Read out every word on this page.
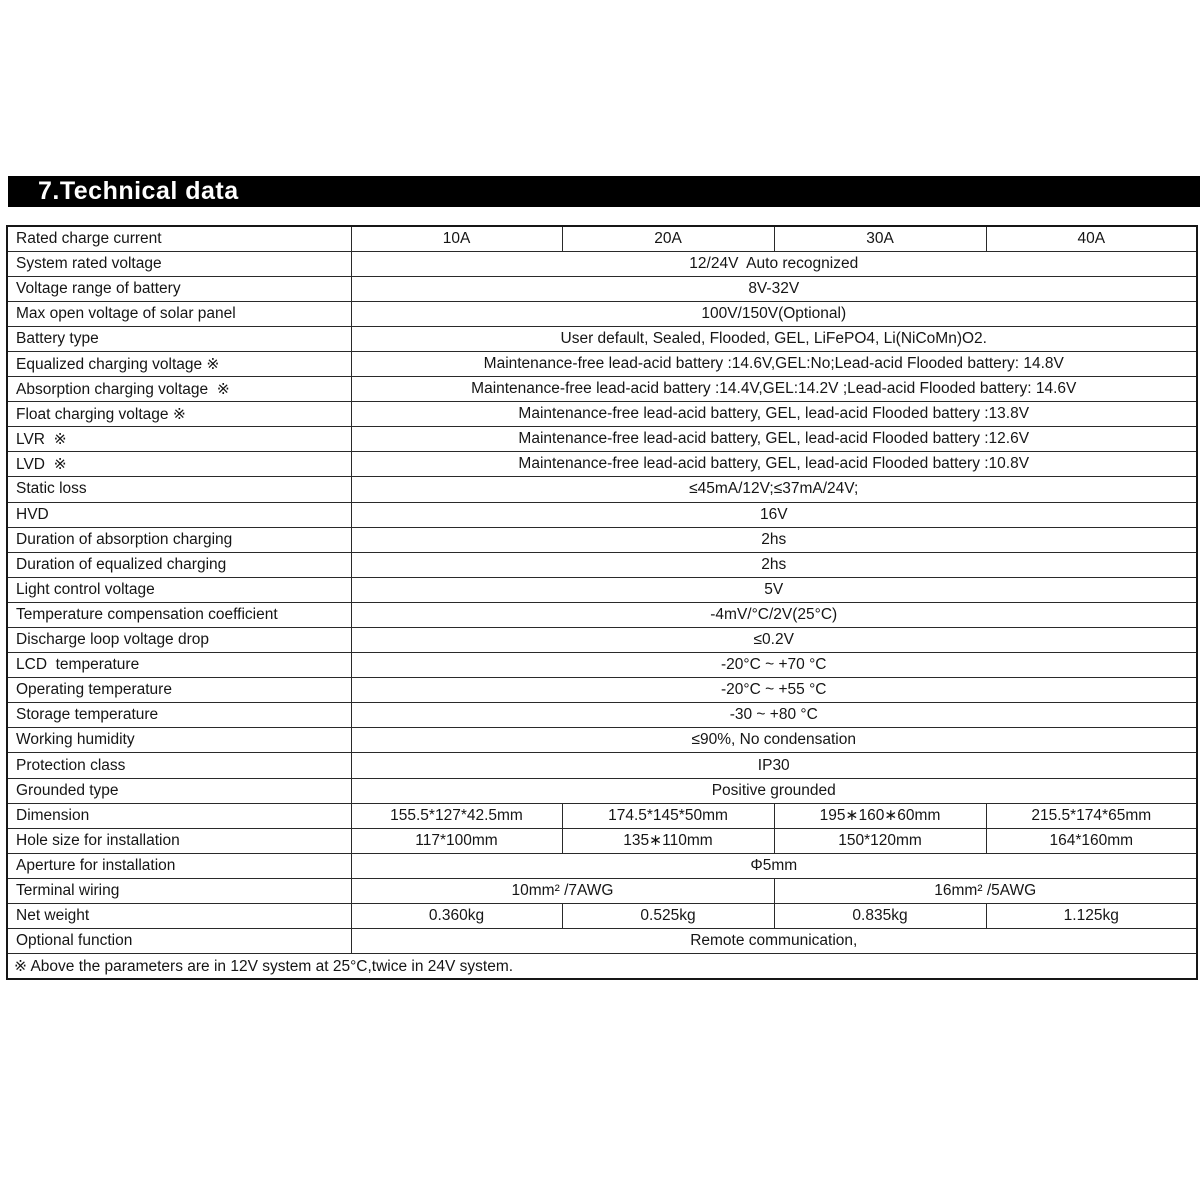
7.Technical data
Rated charge current	10A	20A	30A	40A
System rated voltage	12/24V  Auto recognized			
Voltage range of battery	8V-32V			
Max open voltage of solar panel	100V/150V(Optional)			
Battery type	User default, Sealed, Flooded, GEL, LiFePO4, Li(NiCoMn)O2.			
Equalized charging voltage ※	Maintenance-free lead-acid battery :14.6V,GEL:No;Lead-acid Flooded battery: 14.8V			
Absorption charging voltage  ※	Maintenance-free lead-acid battery :14.4V,GEL:14.2V ;Lead-acid Flooded battery: 14.6V			
Float charging voltage ※	Maintenance-free lead-acid battery, GEL, lead-acid Flooded battery :13.8V			
LVR  ※	Maintenance-free lead-acid battery, GEL, lead-acid Flooded battery :12.6V			
LVD  ※	Maintenance-free lead-acid battery, GEL, lead-acid Flooded battery :10.8V			
Static loss	≤45mA/12V;≤37mA/24V;			
HVD	16V			
Duration of absorption charging	2hs			
Duration of equalized charging	2hs			
Light control voltage	5V			
Temperature compensation coefficient	-4mV/°C/2V(25°C)			
Discharge loop voltage drop	≤0.2V			
LCD  temperature	-20°C ~ +70 °C			
Operating temperature	-20°C ~ +55 °C			
Storage temperature	-30 ~ +80 °C			
Working humidity	≤90%, No condensation			
Protection class	IP30			
Grounded type	Positive grounded			
Dimension	155.5*127*42.5mm	174.5*145*50mm	195∗160∗60mm	215.5*174*65mm
Hole size for installation	117*100mm	135∗110mm	150*120mm	164*160mm
Aperture for installation	Φ5mm			
Terminal wiring	10mm² /7AWG		16mm² /5AWG	
Net weight	0.360kg	0.525kg	0.835kg	1.125kg
Optional function	Remote communication,			
※ Above the parameters are in 12V system at 25°C,twice in 24V system.				
